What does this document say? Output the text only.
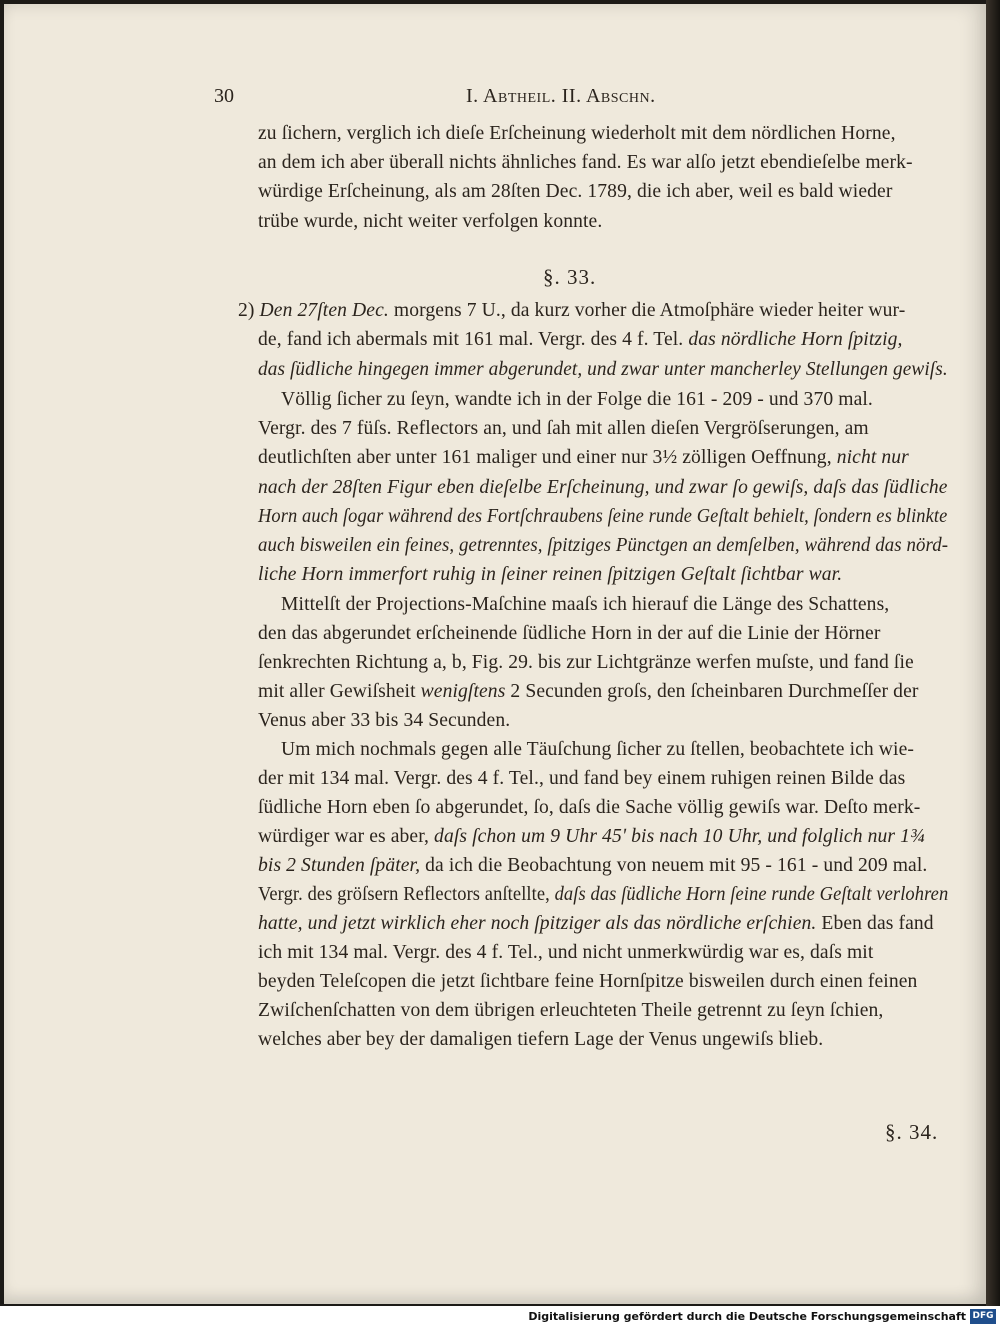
30	I. Abtheil. II. Abschn.

zu ſichern, verglich ich dieſe Erſcheinung wiederholt mit dem nördlichen Horne,

an dem ich aber überall nichts ähnliches fand. Es war alſo jetzt ebendieſelbe merk-

würdige Erſcheinung, als am 28ſten Dec. 1789, die ich aber, weil es bald wieder

trübe wurde, nicht weiter verfolgen konnte.

§. 33.

2) Den 27ſten Dec. morgens 7 U., da kurz vorher die Atmoſphäre wieder heiter wur-

de, fand ich abermals mit 161 mal. Vergr. des 4 f. Tel. das nördliche Horn ſpitzig,

das ſüdliche hingegen immer abgerundet, und zwar unter mancherley Stellungen gewiſs.

Völlig ſicher zu ſeyn, wandte ich in der Folge die 161 - 209 - und 370 mal.

Vergr. des 7 füſs. Reflectors an, und ſah mit allen dieſen Vergröſserungen, am

deutlichſten aber unter 161 maliger und einer nur 3½ zölligen Oeffnung, nicht nur

nach der 28ſten Figur eben dieſelbe Erſcheinung, und zwar ſo gewiſs, daſs das ſüdliche

Horn auch ſogar während des Fortſchraubens ſeine runde Geſtalt behielt, ſondern es blinkte

auch bisweilen ein feines, getrenntes, ſpitziges Pünctgen an demſelben, während das nörd-

liche Horn immerfort ruhig in ſeiner reinen ſpitzigen Geſtalt ſichtbar war.

Mittelſt der Projections-Maſchine maaſs ich hierauf die Länge des Schattens,

den das abgerundet erſcheinende ſüdliche Horn in der auf die Linie der Hörner

ſenkrechten Richtung a, b, Fig. 29. bis zur Lichtgränze werfen muſste, und fand ſie

mit aller Gewiſsheit wenigſtens 2 Secunden groſs, den ſcheinbaren Durchmeſſer der

Venus aber 33 bis 34 Secunden.

Um mich nochmals gegen alle Täuſchung ſicher zu ſtellen, beobachtete ich wie-

der mit 134 mal. Vergr. des 4 f. Tel., und fand bey einem ruhigen reinen Bilde das

ſüdliche Horn eben ſo abgerundet, ſo, daſs die Sache völlig gewiſs war. Deſto merk-

würdiger war es aber, daſs ſchon um 9 Uhr 45ʹ bis nach 10 Uhr, und folglich nur 1¾

bis 2 Stunden ſpäter, da ich die Beobachtung von neuem mit 95 - 161 - und 209 mal.

Vergr. des gröſsern Reflectors anſtellte, daſs das ſüdliche Horn ſeine runde Geſtalt verlohren

hatte, und jetzt wirklich eher noch ſpitziger als das nördliche erſchien. Eben das fand

ich mit 134 mal. Vergr. des 4 f. Tel., und nicht unmerkwürdig war es, daſs mit

beyden Teleſcopen die jetzt ſichtbare feine Hornſpitze bisweilen durch einen feinen

Zwiſchenſchatten von dem übrigen erleuchteten Theile getrennt zu ſeyn ſchien,

welches aber bey der damaligen tiefern Lage der Venus ungewiſs blieb.

§. 34.
Digitalisierung gefördert durch die Deutsche Forschungsgemeinschaft DFG
